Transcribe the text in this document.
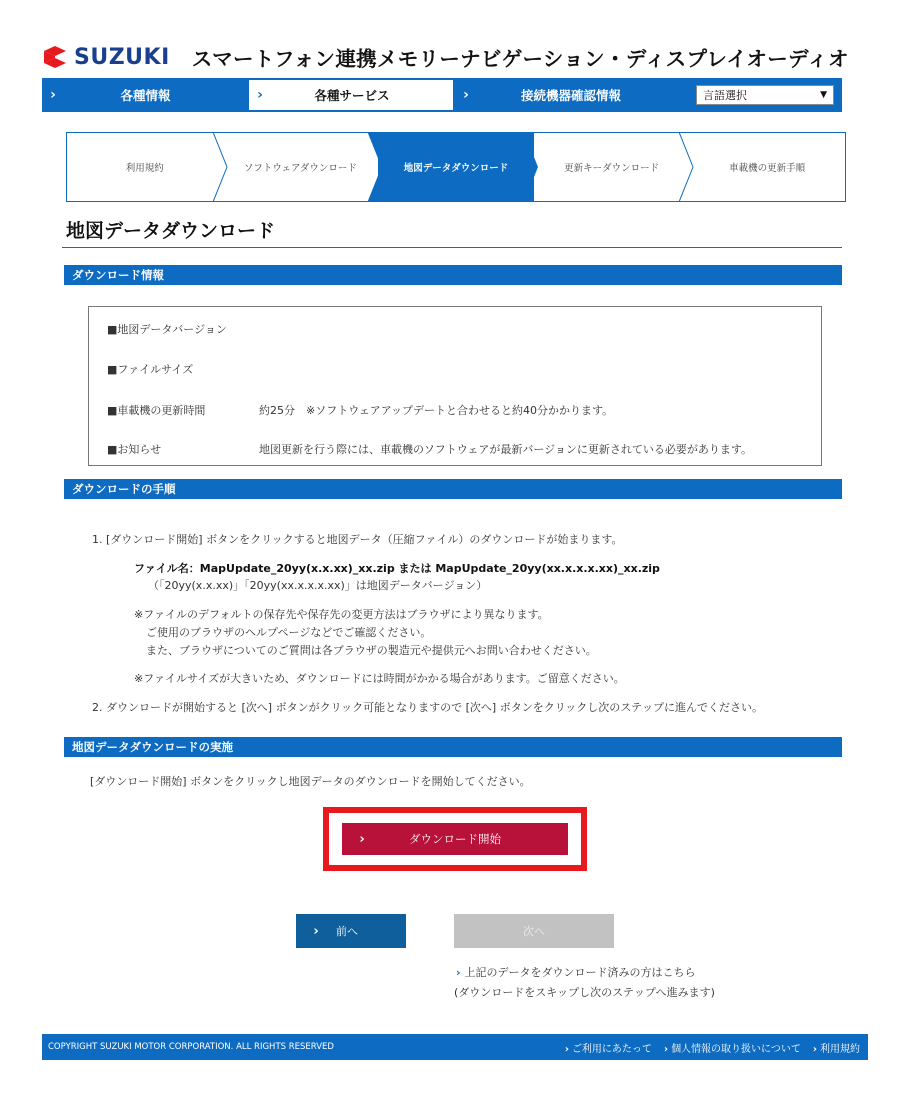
SUZUKI スマートフォン連携メモリーナビゲーション・ディスプレイオーディオ
›	各種情報	›	各種サービス	›	接続機器確認情報	言語選択	▼
利用規約	ソフトウェアダウンロード	地図データダウンロード	更新キーダウンロード	車載機の更新手順
地図データダウンロード
ダウンロード情報
■地図データバージョン
■ファイルサイズ
■車載機の更新時間	約25分　※ソフトウェアアップデートと合わせると約40分かかります。
■お知らせ	地図更新を行う際には、車載機のソフトウェアが最新バージョンに更新されている必要があります。
ダウンロードの手順
1. [ダウンロード開始] ボタンをクリックすると地図データ（圧縮ファイル）のダウンロードが始まります。
ファイル名：MapUpdate_20yy(x.x.xx)_xx.zip または MapUpdate_20yy(xx.x.x.x.xx)_xx.zip
（「20yy(x.x.xx)」「20yy(xx.x.x.x.xx)」は地図データバージョン）
※ファイルのデフォルトの保存先や保存先の変更方法はブラウザにより異なります。
ご使用のブラウザのヘルプページなどでご確認ください。
また、ブラウザについてのご質問は各ブラウザの製造元や提供元へお問い合わせください。
※ファイルサイズが大きいため、ダウンロードには時間がかかる場合があります。ご留意ください。
2. ダウンロードが開始すると [次へ] ボタンがクリック可能となりますので [次へ] ボタンをクリックし次のステップに進んでください。
地図データダウンロードの実施
[ダウンロード開始] ボタンをクリックし地図データのダウンロードを開始してください。
›	ダウンロード開始
›	前へ	次へ
› 上記のデータをダウンロード済みの方はこちら
(ダウンロードをスキップし次のステップへ進みます)
COPYRIGHT SUZUKI MOTOR CORPORATION. ALL RIGHTS RESERVED	› ご利用にあたって › 個人情報の取り扱いについて › 利用規約
